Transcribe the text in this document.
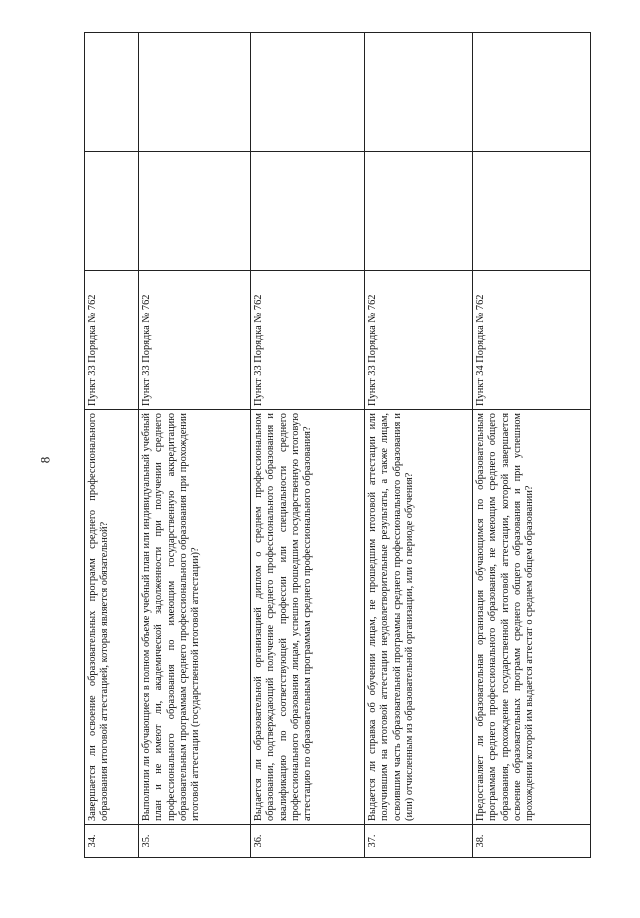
8
34.	Завершается ли освоение образовательных программ среднего профессионального образования итоговой аттестацией, которая является обязательной?	Пункт 33 Порядка № 762		
35.	Выполнили ли обучающиеся в полном объеме учебный план или индивидуальный учебный план и не имеют ли, академической задолженности при получении среднего профессионального образования по имеющим государственную аккредитацию образовательным программам среднего профессионального образования при прохождении итоговой аттестации (государственной итоговой аттестации)?	Пункт 33 Порядка № 762		
36.	Выдается ли образовательной организацией диплом о среднем профессиональном образовании, подтверждающий получение среднего профессионального образования и квалификацию по соответствующей профессии или специальности среднего профессионального образования лицам, успешно прошедшим государственную итоговую аттестацию по образовательным программам среднего профессионального образования?	Пункт 33 Порядка № 762		
37.	Выдается ли справка об обучении лицам, не прошедшим итоговой аттестации или получившим на итоговой аттестации неудовлетворительные результаты, а также лицам, освоившим часть образовательной программы среднего профессионального образования и (или) отчисленным из образовательной организации, или о периоде обучения?	Пункт 33 Порядка № 762		
38.	Предоставляет ли образовательная организация обучающимся по образовательным программам среднего профессионального образования, не имеющим среднего общего образования, прохождение государственной итоговой аттестации, которой завершается освоение образовательных программ среднего общего образования и при успешном прохождении которой им выдается аттестат о среднем общем образовании?	Пункт 34 Порядка № 762		
